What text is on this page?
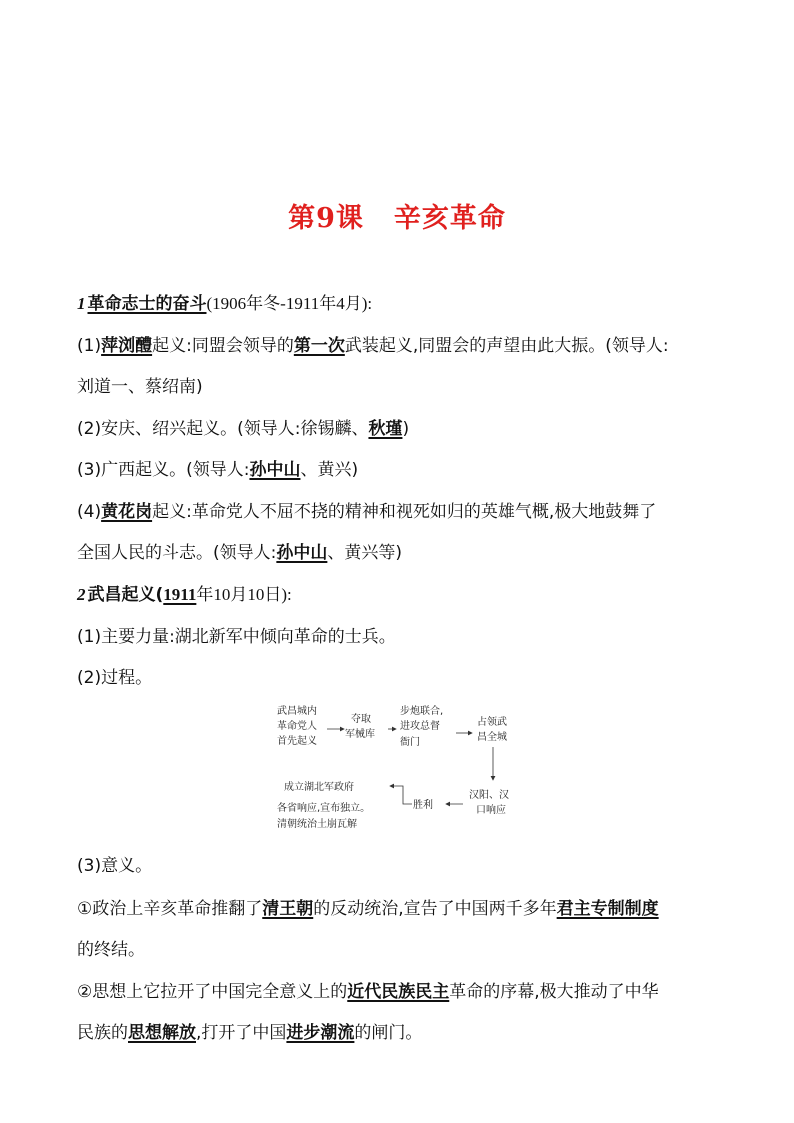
第9课 辛亥革命
1 革命志士的奋斗(1906年冬-1911年4月):
(1)萍浏醴起义:同盟会领导的第一次武装起义,同盟会的声望由此大振。(领导人:
刘道一、蔡绍南)
(2)安庆、绍兴起义。(领导人:徐锡麟、秋瑾)
(3)广西起义。(领导人:孙中山、黄兴)
(4)黄花岗起义:革命党人不屈不挠的精神和视死如归的英雄气概,极大地鼓舞了
全国人民的斗志。(领导人:孙中山、黄兴等)
2 武昌起义(1911年10月10日):
(1)主要力量:湖北新军中倾向革命的士兵。
(2)过程。
武昌城内
革命党人
首先起义
夺取
军械库
步炮联合,
进攻总督
衙门
占领武
昌全城
汉阳、汉
口响应
胜利
成立湖北军政府
各省响应,宣布独立。
清朝统治土崩瓦解
(3)意义。
①政治上辛亥革命推翻了清王朝的反动统治,宣告了中国两千多年君主专制制度
的终结。
②思想上它拉开了中国完全意义上的近代民族民主革命的序幕,极大推动了中华
民族的思想解放,打开了中国进步潮流的闸门。
